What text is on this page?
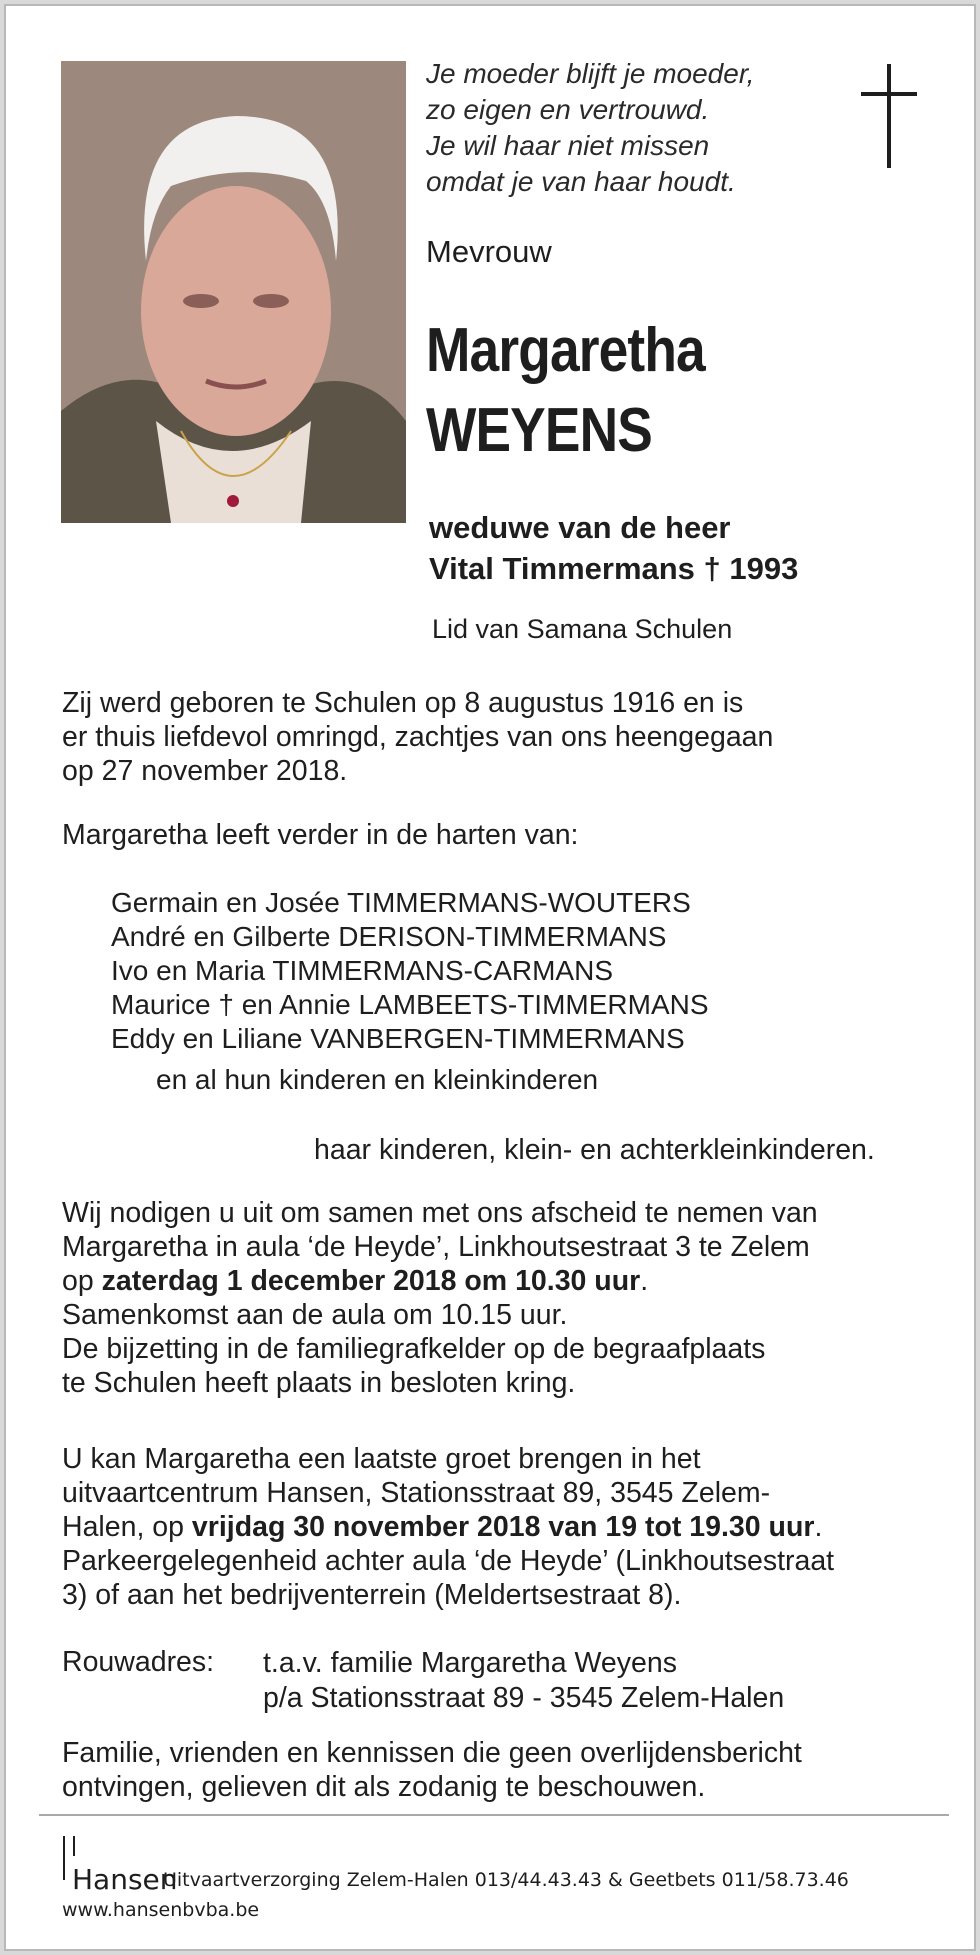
Je moeder blijft je moeder,
zo eigen en vertrouwd.
Je wil haar niet missen
omdat je van haar houdt.
Mevrouw
Margaretha
WEYENS
weduwe van de heer
Vital Timmermans † 1993
Lid van Samana Schulen
Zij werd geboren te Schulen op 8 augustus 1916 en is
er thuis liefdevol omringd, zachtjes van ons heengegaan
op 27 november 2018.
Margaretha leeft verder in de harten van:
Germain en Josée TIMMERMANS-WOUTERS
André en Gilberte DERISON-TIMMERMANS
Ivo en Maria TIMMERMANS-CARMANS
Maurice † en Annie LAMBEETS-TIMMERMANS
Eddy en Liliane VANBERGEN-TIMMERMANS
en al hun kinderen en kleinkinderen
haar kinderen, klein- en achterkleinkinderen.
Wij nodigen u uit om samen met ons afscheid te nemen van
Margaretha in aula ‘de Heyde’, Linkhoutsestraat 3 te Zelem
op zaterdag 1 december 2018 om 10.30 uur.
Samenkomst aan de aula om 10.15 uur.
De bijzetting in de familiegrafkelder op de begraafplaats
te Schulen heeft plaats in besloten kring.
U kan Margaretha een laatste groet brengen in het
uitvaartcentrum Hansen, Stationsstraat 89, 3545 Zelem-
Halen, op vrijdag 30 november 2018 van 19 tot 19.30 uur.
Parkeergelegenheid achter aula ‘de Heyde’ (Linkhoutsestraat
3) of aan het bedrijventerrein (Meldertsestraat 8).
Rouwadres: t.a.v. familie Margaretha Weyens
p/a Stationsstraat 89 - 3545 Zelem-Halen
Familie, vrienden en kennissen die geen overlijdensbericht
ontvingen, gelieven dit als zodanig te beschouwen.
Hansen
Uitvaartverzorging Zelem-Halen 013/44.43.43 & Geetbets 011/58.73.46
www.hansenbvba.be
